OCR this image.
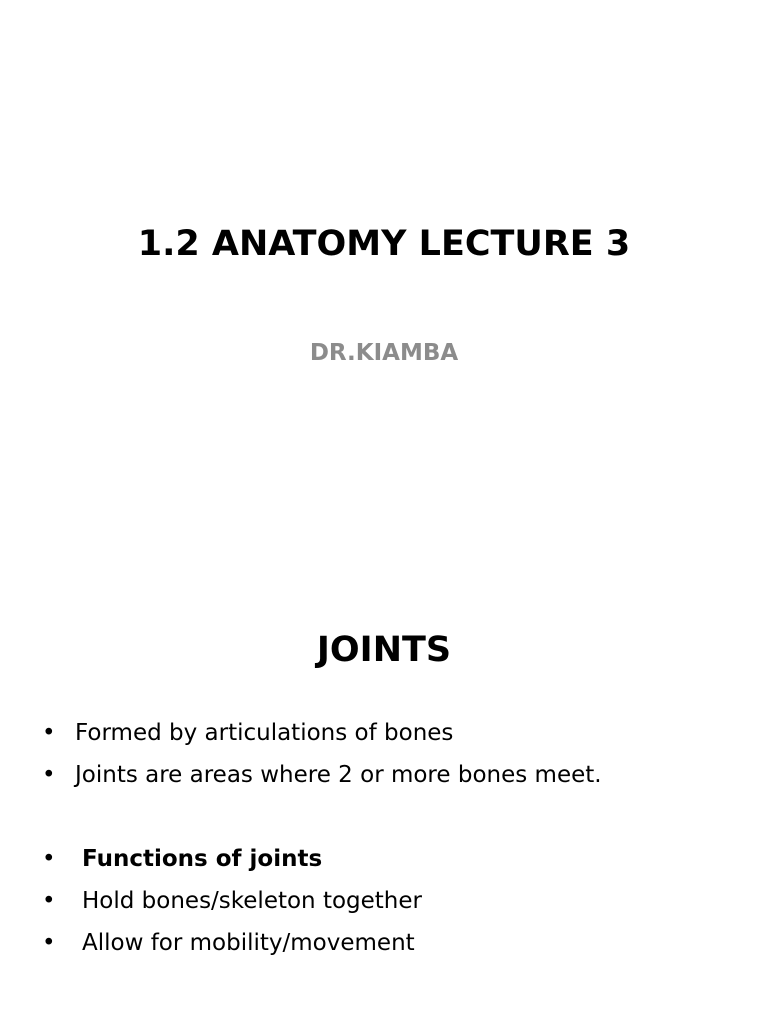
1.2 ANATOMY LECTURE 3
DR.KIAMBA
JOINTS
• Formed by articulations of bones
• Joints are areas where 2 or more bones meet.
• Functions of joints
• Hold bones/skeleton together
• Allow for mobility/movement
